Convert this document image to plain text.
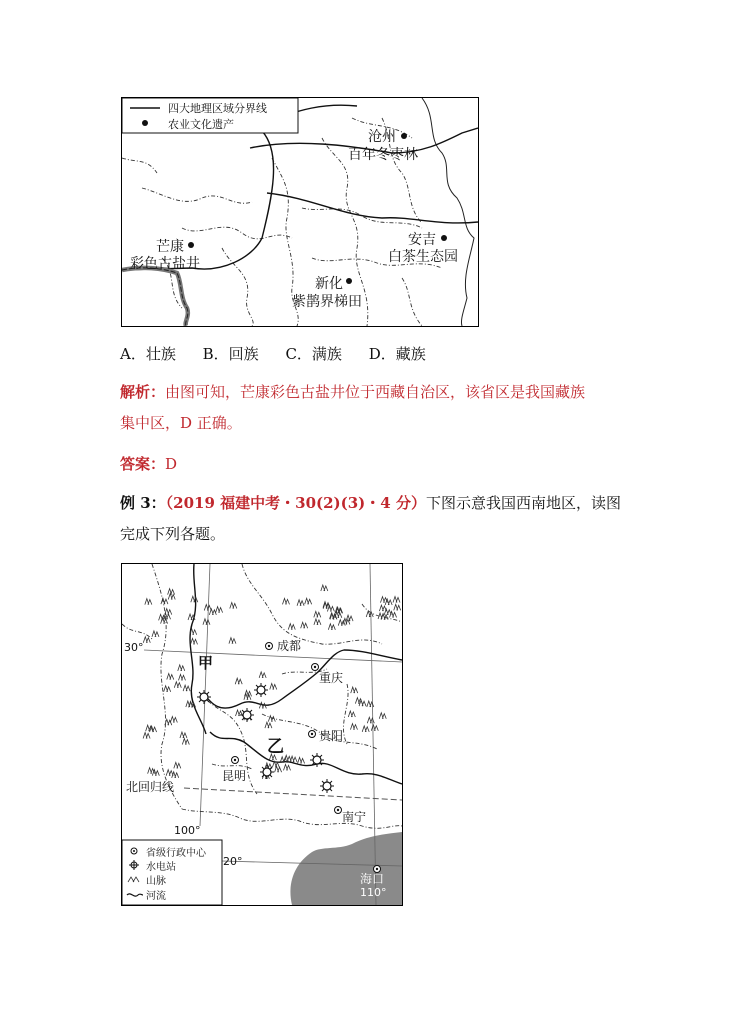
四大地理区域分界线
农业文化遗产
沧州
百年冬枣林
安吉
白茶生态园
芒康
彩色古盐井
新化
紫鹊界梯田
A．壮族 B．回族 C．满族 D．藏族
解析：由图可知，芒康彩色古盐井位于西藏自治区，该省区是我国藏族
集中区，D 正确。
答案：D
例 3：（2019 福建中考・30(2)(3)・4 分）下图示意我国西南地区，读图
完成下列各题。
成都
重庆
贵阳
昆明
南宁
海口
甲
乙
北回归线
30°
20°
100°
110°
省级行政中心
水电站
山脉
河流
